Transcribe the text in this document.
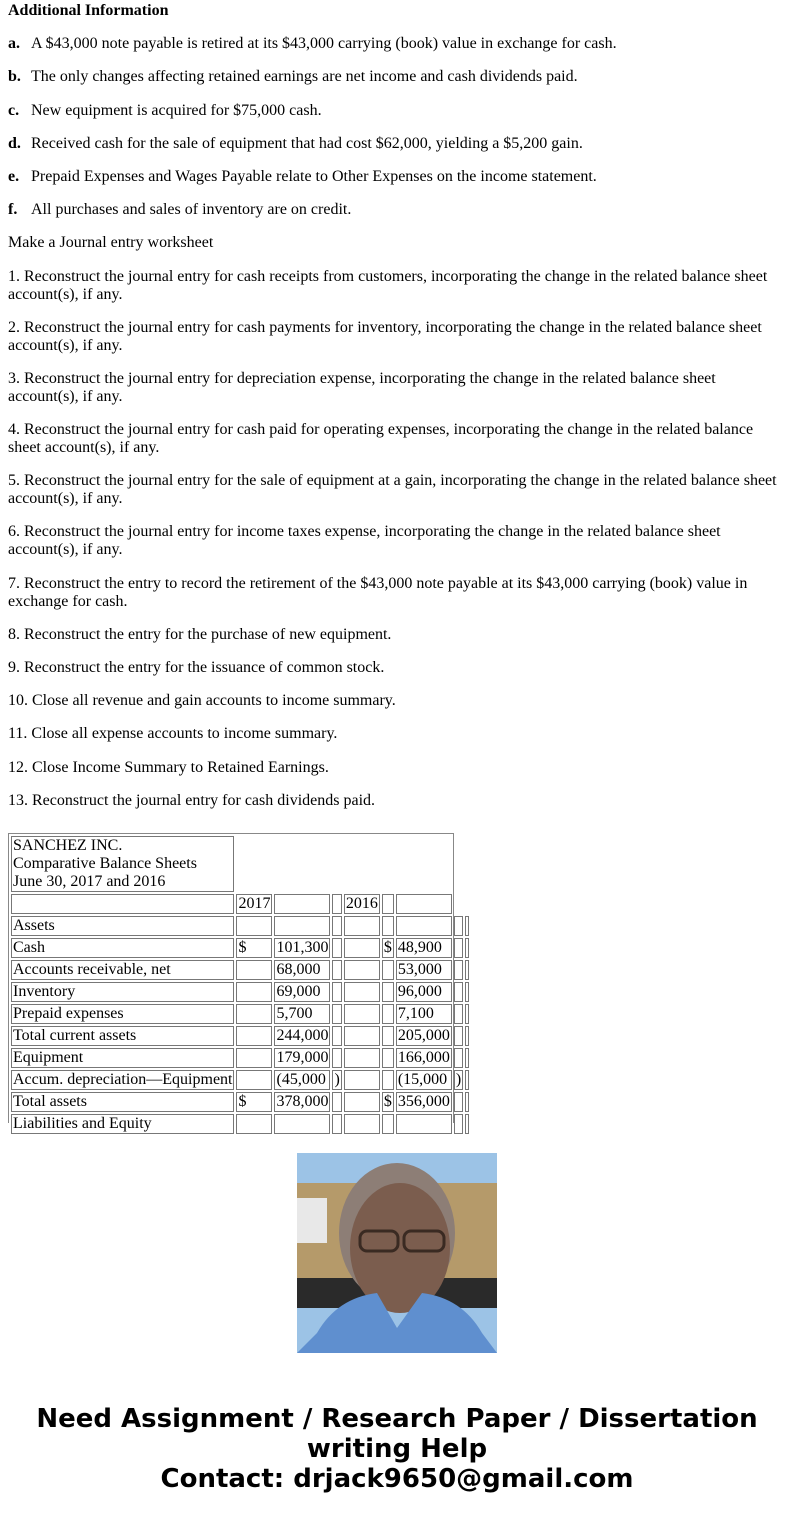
Additional Information

a. A $43,000 note payable is retired at its $43,000 carrying (book) value in exchange for cash.

b. The only changes affecting retained earnings are net income and cash dividends paid.

c. New equipment is acquired for $75,000 cash.

d. Received cash for the sale of equipment that had cost $62,000, yielding a $5,200 gain.

e. Prepaid Expenses and Wages Payable relate to Other Expenses on the income statement.

f. All purchases and sales of inventory are on credit.

Make a Journal entry worksheet

1. Reconstruct the journal entry for cash receipts from customers, incorporating the change in the related balance sheet account(s), if any.

2. Reconstruct the journal entry for cash payments for inventory, incorporating the change in the related balance sheet account(s), if any.

3. Reconstruct the journal entry for depreciation expense, incorporating the change in the related balance sheet account(s), if any.

4. Reconstruct the journal entry for cash paid for operating expenses, incorporating the change in the related balance sheet account(s), if any.

5. Reconstruct the journal entry for the sale of equipment at a gain, incorporating the change in the related balance sheet account(s), if any.

6. Reconstruct the journal entry for income taxes expense, incorporating the change in the related balance sheet account(s), if any.

7. Reconstruct the entry to record the retirement of the $43,000 note payable at its $43,000 carrying (book) value in exchange for cash.

8. Reconstruct the entry for the purchase of new equipment.

9. Reconstruct the entry for the issuance of common stock.

10. Close all revenue and gain accounts to income summary.

11. Close all expense accounts to income summary.

12. Close Income Summary to Retained Earnings.

13. Reconstruct the journal entry for cash dividends paid.

SANCHEZ INC.
Comparative Balance Sheets
June 30, 2017 and 2016								
	2017			2016				
Assets								
Cash	$	101,300			$	48,900		
Accounts receivable, net		68,000				53,000		
Inventory		69,000				96,000		
Prepaid expenses		5,700				7,100		
Total current assets		244,000				205,000		
Equipment		179,000				166,000		
Accum. depreciation—Equipment		(45,000	)			(15,000	)	
Total assets	$	378,000			$	356,000		
Liabilities and Equity								
Need Assignment / Research Paper / Dissertation writing Help
Contact: drjack9650@gmail.com
